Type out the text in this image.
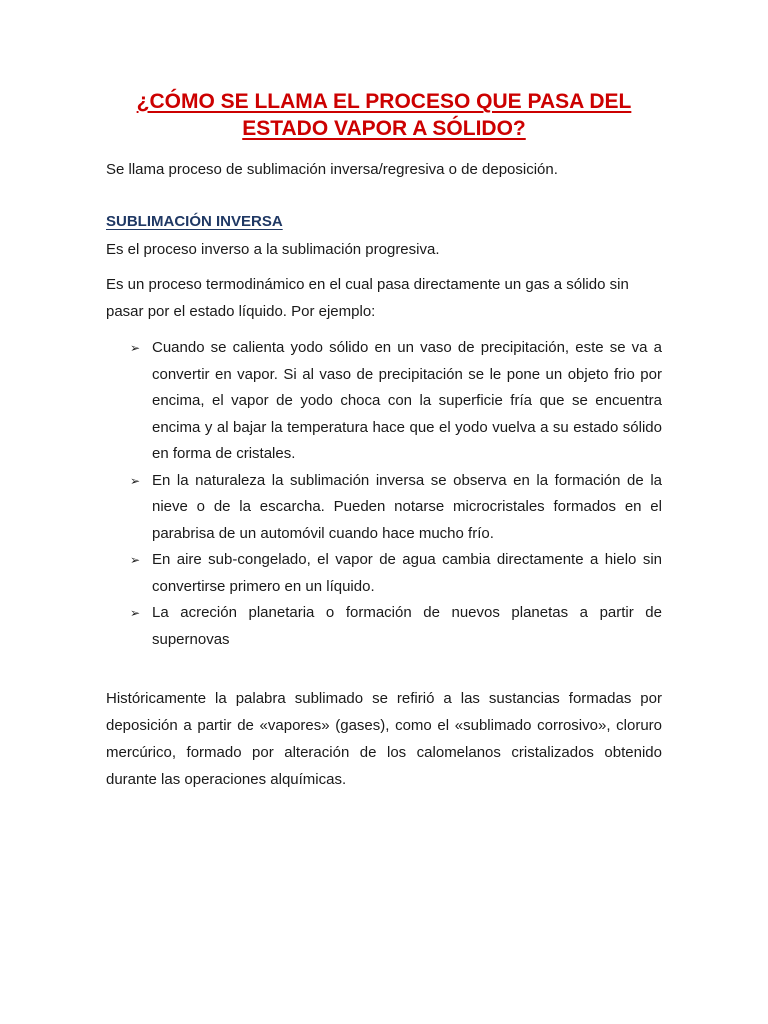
¿CÓMO SE LLAMA EL PROCESO QUE PASA DEL
ESTADO VAPOR A SÓLIDO?

Se llama proceso de sublimación inversa/regresiva o de deposición.

SUBLIMACIÓN INVERSA

Es el proceso inverso a la sublimación progresiva.

Es un proceso termodinámico en el cual pasa directamente un gas a sólido sin pasar por el estado líquido. Por ejemplo:

➢ Cuando se calienta yodo sólido en un vaso de precipitación, este se va a convertir en vapor. Si al vaso de precipitación se le pone un objeto frio por encima, el vapor de yodo choca con la superficie fría que se encuentra encima y al bajar la temperatura hace que el yodo vuelva a su estado sólido en forma de cristales.
➢ En la naturaleza la sublimación inversa se observa en la formación de la nieve o de la escarcha. Pueden notarse microcristales formados en el parabrisa de un automóvil cuando hace mucho frío.
➢ En aire sub-congelado, el vapor de agua cambia directamente a hielo sin convertirse primero en un líquido.
➢ La acreción planetaria o formación de nuevos planetas a partir de supernovas

Históricamente la palabra sublimado se refirió a las sustancias formadas por deposición a partir de «vapores» (gases), como el «sublimado corrosivo», cloruro mercúrico, formado por alteración de los calomelanos cristalizados obtenido durante las operaciones alquímicas.
